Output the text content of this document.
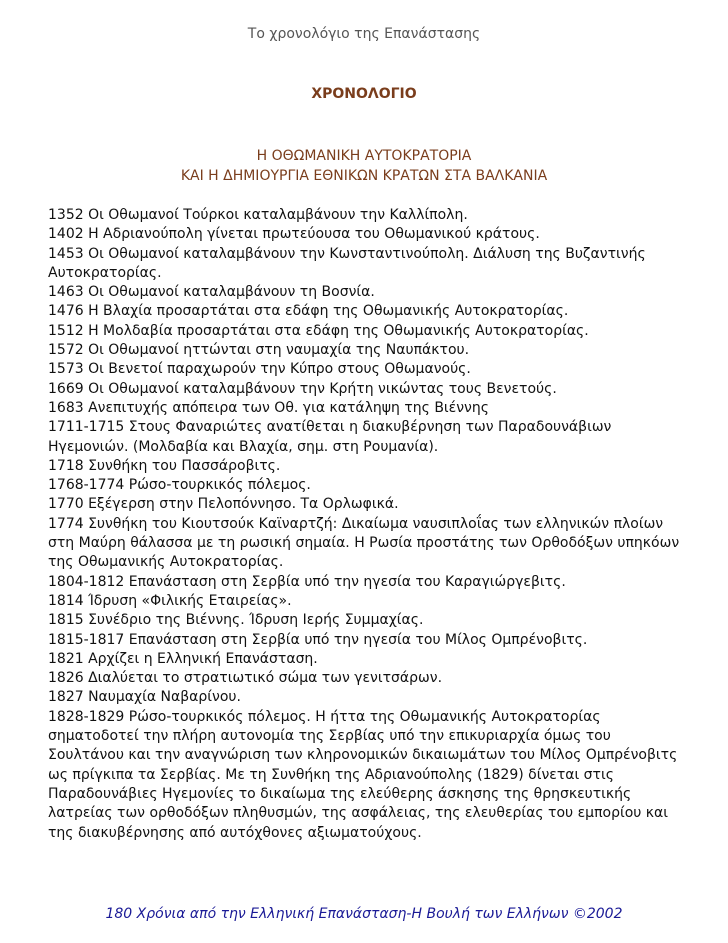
Το χρονολόγιο της Επανάστασης
ΧΡΟΝΟΛΟΓΙΟ
Η ΟΘΩΜΑΝΙΚΗ ΑΥΤΟΚΡΑΤΟΡΙΑ
ΚΑΙ Η ΔΗΜΙΟΥΡΓΙΑ ΕΘΝΙΚΩΝ ΚΡΑΤΩΝ ΣΤΑ ΒΑΛΚΑΝΙΑ
1352 Οι Οθωμανοί Τούρκοι καταλαμβάνουν την Καλλίπολη.
1402 Η Αδριανούπολη γίνεται πρωτεύουσα του Οθωμανικού κράτους.
1453 Οι Οθωμανοί καταλαμβάνουν την Κωνσταντινούπολη. Διάλυση της Βυζαντινής Αυτοκρατορίας.
1463 Οι Οθωμανοί καταλαμβάνουν τη Βοσνία.
1476 Η Βλαχία προσαρτάται στα εδάφη της Οθωμανικής Αυτοκρατορίας.
1512 Η Μολδαβία προσαρτάται στα εδάφη της Οθωμανικής Αυτοκρατορίας.
1572 Οι Οθωμανοί ηττώνται στη ναυμαχία της Ναυπάκτου.
1573 Οι Βενετοί παραχωρούν την Κύπρο στους Οθωμανούς.
1669 Οι Οθωμανοί καταλαμβάνουν την Κρήτη νικώντας τους Βενετούς.
1683 Ανεπιτυχής απόπειρα των Οθ. για κατάληψη της Βιέννης
1711-1715 Στους Φαναριώτες ανατίθεται η διακυβέρνηση των Παραδουνάβιων Ηγεμονιών. (Μολδαβία και Βλαχία, σημ. στη Ρουμανία).
1718 Συνθήκη του Πασσάροβιτς.
1768-1774 Ρώσο-τουρκικός πόλεμος.
1770 Εξέγερση στην Πελοπόννησο. Τα Ορλωφικά.
1774 Συνθήκη του Κιουτσούκ Καϊναρτζή: Δικαίωμα ναυσιπλοΐας των ελληνικών πλοίων στη Μαύρη θάλασσα με τη ρωσική σημαία. Η Ρωσία προστάτης των Ορθοδόξων υπηκόων της Οθωμανικής Αυτοκρατορίας.
1804-1812 Επανάσταση στη Σερβία υπό την ηγεσία του Καραγιώργεβιτς.
1814 Ίδρυση «Φιλικής Εταιρείας».
1815 Συνέδριο της Βιέννης. Ίδρυση Ιερής Συμμαχίας.
1815-1817 Επανάσταση στη Σερβία υπό την ηγεσία του Μίλος Ομπρένοβιτς.
1821 Αρχίζει η Ελληνική Επανάσταση.
1826 Διαλύεται το στρατιωτικό σώμα των γενιτσάρων.
1827 Ναυμαχία Ναβαρίνου.
1828-1829 Ρώσο-τουρκικός πόλεμος. Η ήττα της Οθωμανικής Αυτοκρατορίας σηματοδοτεί την πλήρη αυτονομία της Σερβίας υπό την επικυριαρχία όμως του Σουλτάνου και την αναγνώριση των κληρονομικών δικαιωμάτων του Μίλος Ομπρένοβιτς ως πρίγκιπα τα Σερβίας. Με τη Συνθήκη της Αδριανούπολης (1829) δίνεται στις Παραδουνάβιες Ηγεμονίες το δικαίωμα της ελεύθερης άσκησης της θρησκευτικής λατρείας των ορθοδόξων πληθυσμών, της ασφάλειας, της ελευθερίας του εμπορίου και της διακυβέρνησης από αυτόχθονες αξιωματούχους.
180 Χρόνια από την Ελληνική Επανάσταση-Η Βουλή των Ελλήνων ©2002
